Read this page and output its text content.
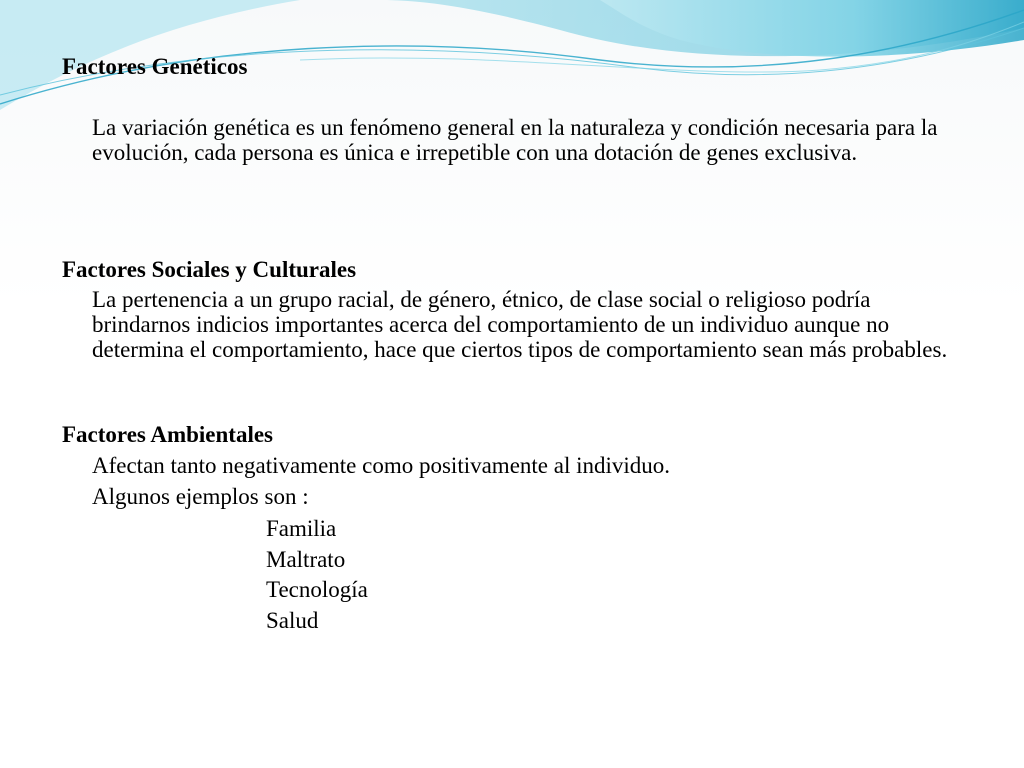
Factores Genéticos

La variación genética es un fenómeno general en la naturaleza y condición necesaria para la evolución, cada persona es única e irrepetible con una dotación de genes exclusiva.

Factores Sociales y Culturales

La pertenencia a un grupo racial, de género, étnico, de clase social o religioso podría brindarnos indicios importantes acerca del comportamiento de un individuo aunque no determina el comportamiento, hace que ciertos tipos de comportamiento sean más probables.

Factores Ambientales

Afectan tanto negativamente como positivamente al individuo.

Algunos ejemplos son :

Familia
Maltrato
Tecnología
Salud
